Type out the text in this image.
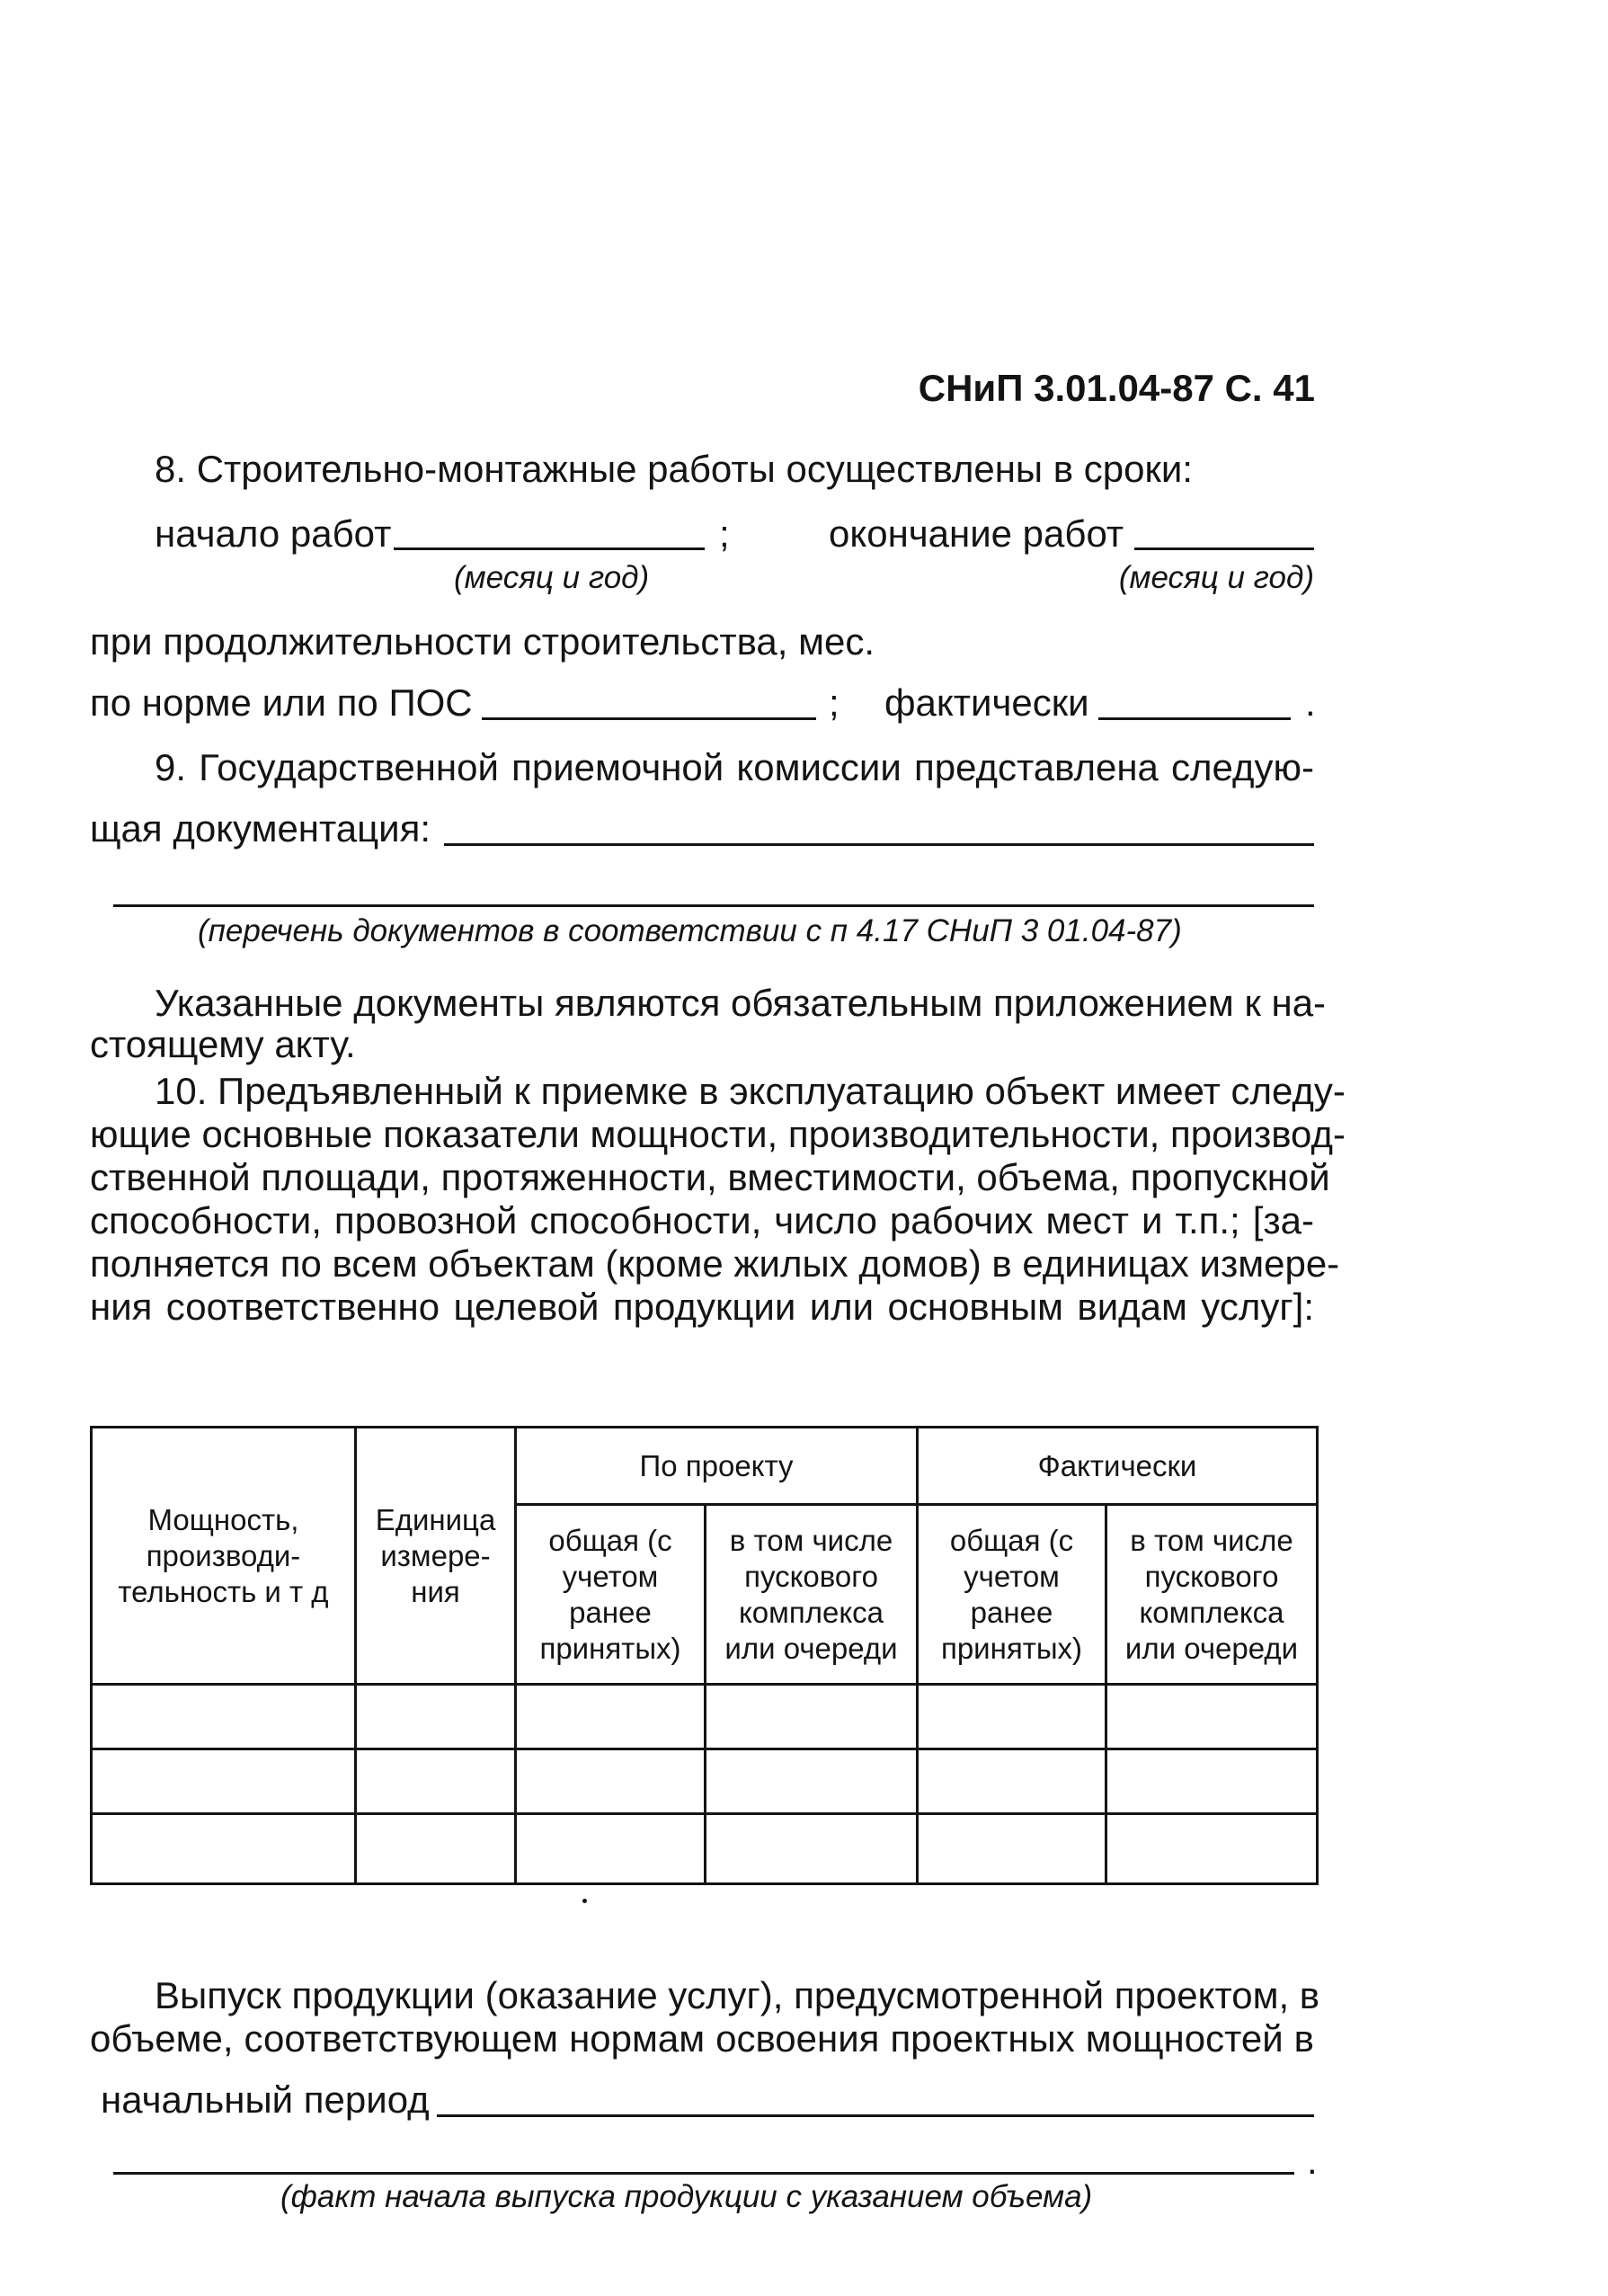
СНиП 3.01.04-87 С. 41
8. Строительно-монтажные работы осуществлены в сроки:
начало работ	;	окончание работ
(месяц и год)	(месяц и год)
при продолжительности строительства, мес.
по норме или по ПОС	; фактически	.
9. Государственной приемочной комиссии представлена следую-
щая документация:
(перечень документов в соответствии с п 4.17 СНиП 3 01.04-87)
Указанные документы являются обязательным приложением к на-
стоящему акту.
10. Предъявленный к приемке в эксплуатацию объект имеет следу-
ющие основные показатели мощности, производительности, производ-
ственной площади, протяженности, вместимости, объема, пропускной
способности, провозной способности, число рабочих мест и т.п.; [за-
полняется по всем объектам (кроме жилых домов) в единицах измере-
ния соответственно целевой продукции или основным видам услуг]:
Мощность, производи-тельность и т д	Единица измере-ния	По проекту		Фактически	
		общая (с учетом ранее принятых)	в том числе пускового комплекса или очереди	общая (с учетом ранее принятых)	в том числе пускового комплекса или очереди

Выпуск продукции (оказание услуг), предусмотренной проектом, в
объеме, соответствующем нормам освоения проектных мощностей в
начальный период
.
(факт начала выпуска продукции с указанием объема)
